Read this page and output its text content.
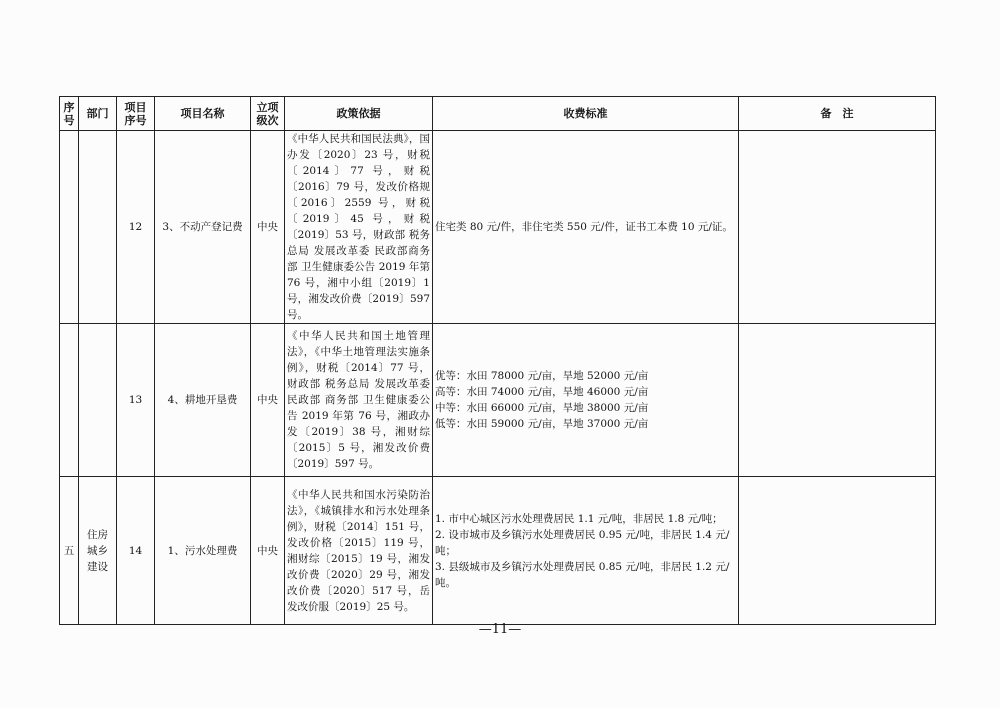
序号	部门	项目序号	项目名称	立项级次	政策依据	收费标准	备　注
		12	3、不动产登记费	中央	《中华人民共和国民法典》，国办发〔2020〕23 号，财税〔2014〕77 号，财税〔2016〕79 号，发改价格规〔2016〕2559 号，财税〔2019〕45 号，财税〔2019〕53 号，财政部 税务总局 发展改革委 民政部商务部 卫生健康委公告 2019 年第 76 号，湘中小组〔2019〕1 号，湘发改价费〔2019〕597 号。	住宅类 80 元/件，非住宅类 550 元/件，证书工本费 10 元/证。	

		13	4、耕地开垦费	中央	《中华人民共和国土地管理法》，《中华土地管理法实施条例》，财税〔2014〕77 号，财政部 税务总局 发展改革委 民政部 商务部 卫生健康委公告 2019 年第 76 号，湘政办发〔2019〕38 号，湘财综〔2015〕5 号，湘发改价费〔2019〕597 号。	优等：水田 78000 元/亩，旱地 52000 元/亩
高等：水田 74000 元/亩，旱地 46000 元/亩
中等：水田 66000 元/亩，旱地 38000 元/亩
低等：水田 59000 元/亩，旱地 37000 元/亩	

五	住房城乡建设	14	1、污水处理费	中央	《中华人民共和国水污染防治法》，《城镇排水和污水处理条例》，财税〔2014〕151 号，发改价格〔2015〕119 号，湘财综〔2015〕19 号，湘发改价费〔2020〕29 号，湘发改价费〔2020〕517 号，岳发改价服〔2019〕25 号。	1. 市中心城区污水处理费居民 1.1 元/吨，非居民 1.8 元/吨；
2. 设市城市及乡镇污水处理费居民 0.95 元/吨，非居民 1.4 元/吨；
3. 县级城市及乡镇污水处理费居民 0.85 元/吨，非居民 1.2 元/吨。	

—11—
